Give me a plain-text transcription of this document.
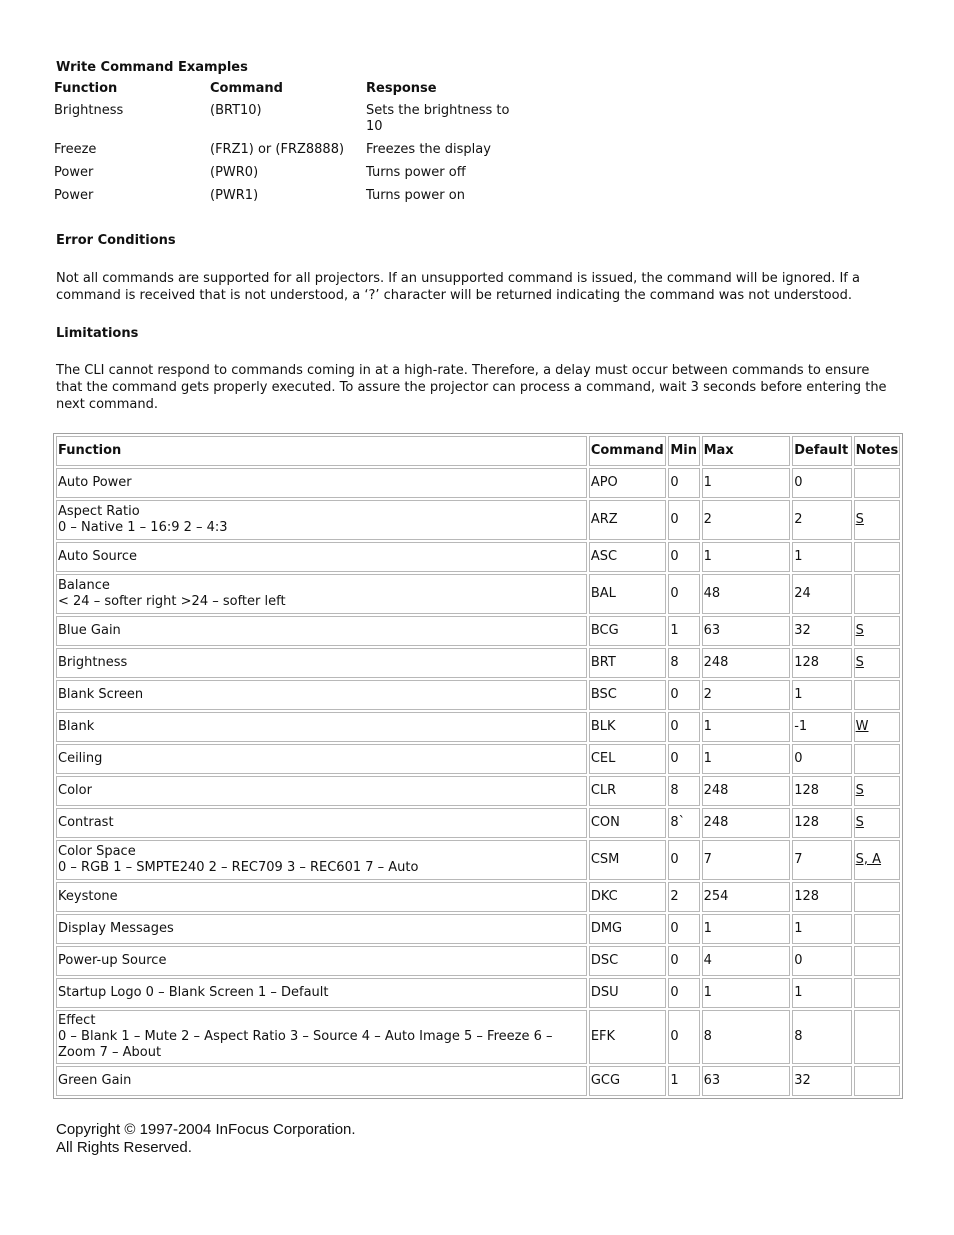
Write Command Examples
Function	Command	Response
Brightness	(BRT10)	Sets the brightness to 10
Freeze	(FRZ1) or (FRZ8888)	Freezes the display
Power	(PWR0)	Turns power off
Power	(PWR1)	Turns power on
Error Conditions
Not all commands are supported for all projectors. If an unsupported command is issued, the command will be ignored. If a command is received that is not understood, a ‘?’ character will be returned indicating the command was not understood.
Limitations
The CLI cannot respond to commands coming in at a high-rate. Therefore, a delay must occur between commands to ensure that the command gets properly executed. To assure the projector can process a command, wait 3 seconds before entering the next command.
Function	Command	Min	Max	Default	Notes

Auto Power	APO	0	1	0	

Aspect Ratio
0 – Native 1 – 16:9 2 – 4:3	ARZ	0	2	2	S

Auto Source	ASC	0	1	1	

Balance
< 24 – softer right >24 – softer left	BAL	0	48	24	

Blue Gain	BCG	1	63	32	S

Brightness	BRT	8	248	128	S

Blank Screen	BSC	0	2	1	

Blank	BLK	0	1	-1	W

Ceiling	CEL	0	1	0	

Color	CLR	8	248	128	S

Contrast	CON	8`	248	128	S

Color Space
0 – RGB 1 – SMPTE240 2 – REC709 3 – REC601 7 – Auto	CSM	0	7	7	S, A

Keystone	DKC	2	254	128	

Display Messages	DMG	0	1	1	

Power-up Source	DSC	0	4	0	

Startup Logo 0 – Blank Screen 1 – Default	DSU	0	1	1	

Effect
0 – Blank 1 – Mute 2 – Aspect Ratio 3 – Source 4 – Auto Image 5 – Freeze 6 – Zoom 7 – About	EFK	0	8	8	

Green Gain	GCG	1	63	32	
Copyright © 1997-2004 InFocus Corporation.
All Rights Reserved.
